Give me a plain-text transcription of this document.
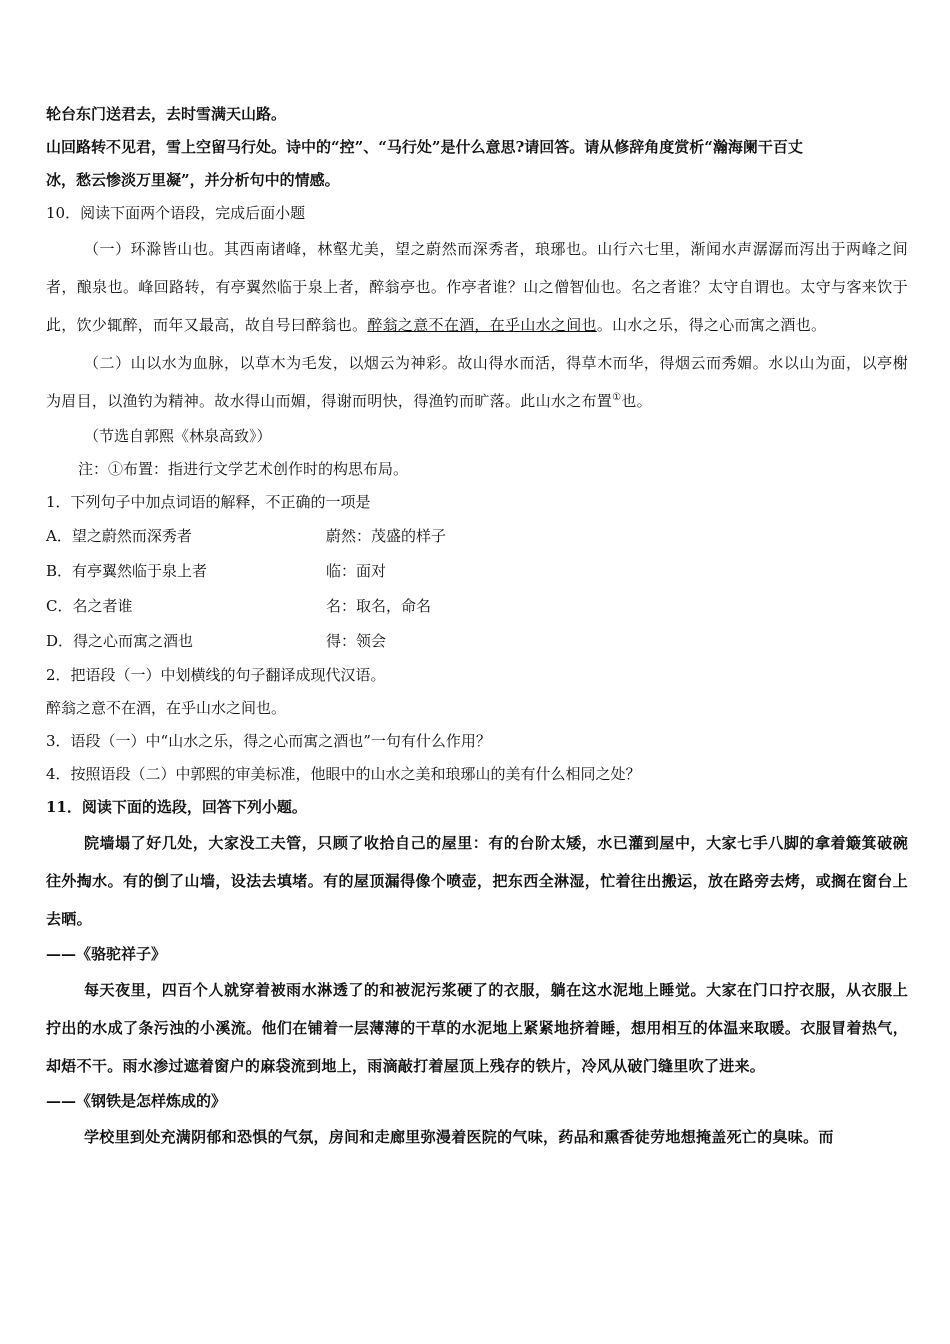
轮台东门送君去，去时雪满天山路。

山回路转不见君，雪上空留马行处。诗中的“控”、“马行处”是什么意思?请回答。请从修辞角度赏析“瀚海阑干百丈

冰，愁云惨淡万里凝”，并分析句中的情感。

10．阅读下面两个语段，完成后面小题

（一）环滁皆山也。其西南诸峰，林壑尤美，望之蔚然而深秀者，琅琊也。山行六七里，渐闻水声潺潺而泻出于两峰之间者，酿泉也。峰回路转，有亭翼然临于泉上者，醉翁亭也。作亭者谁？山之僧智仙也。名之者谁？太守自谓也。太守与客来饮于此，饮少辄醉，而年又最高，故自号曰醉翁也。醉翁之意不在酒，在乎山水之间也。山水之乐，得之心而寓之酒也。

（二）山以水为血脉，以草木为毛发，以烟云为神彩。故山得水而活，得草木而华，得烟云而秀媚。水以山为面，以亭榭为眉目，以渔钓为精神。故水得山而媚，得谢而明快，得渔钓而旷落。此山水之布置①也。

（节选自郭熙《林泉高致》）

注：①布置：指进行文学艺术创作时的构思布局。

1．下列句子中加点词语的解释，不正确的一项是

A．望之蔚然而深秀者	蔚然：茂盛的样子
B．有亭翼然临于泉上者	临：面对
C．名之者谁	名：取名，命名
D．得之心而寓之酒也	得：领会

2．把语段（一）中划横线的句子翻译成现代汉语。

醉翁之意不在酒，在乎山水之间也。

3．语段（一）中“山水之乐，得之心而寓之酒也”一句有什么作用？

4．按照语段（二）中郭熙的审美标准，他眼中的山水之美和琅琊山的美有什么相同之处？

11．阅读下面的选段，回答下列小题。

院墙塌了好几处，大家没工夫管，只顾了收拾自己的屋里：有的台阶太矮，水已灌到屋中，大家七手八脚的拿着簸箕破碗往外掏水。有的倒了山墙，设法去填堵。有的屋顶漏得像个喷壶，把东西全淋湿，忙着往出搬运，放在路旁去烤，或搁在窗台上去晒。

——《骆驼祥子》

每天夜里，四百个人就穿着被雨水淋透了的和被泥污浆硬了的衣服，躺在这水泥地上睡觉。大家在门口拧衣服，从衣服上拧出的水成了条污浊的小溪流。他们在铺着一层薄薄的干草的水泥地上紧紧地挤着睡，想用相互的体温来取暖。衣服冒着热气，却焐不干。雨水渗过遮着窗户的麻袋流到地上，雨滴敲打着屋顶上残存的铁片，冷风从破门缝里吹了进来。

——《钢铁是怎样炼成的》

学校里到处充满阴郁和恐惧的气氛，房间和走廊里弥漫着医院的气味，药品和熏香徒劳地想掩盖死亡的臭味。而
